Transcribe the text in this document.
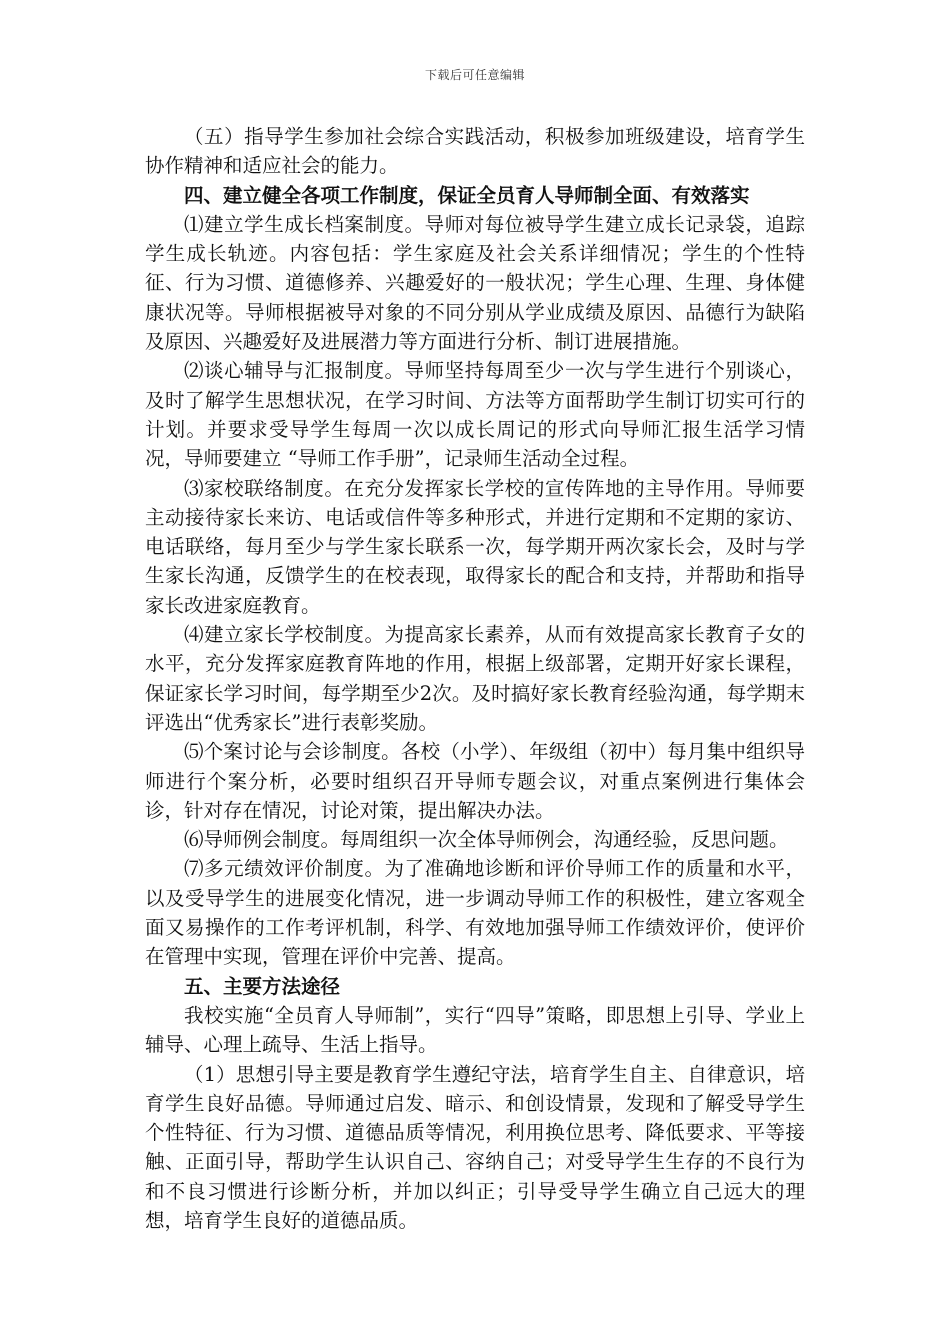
下载后可任意编辑

（五）指导学生参加社会综合实践活动，积极参加班级建设，培育学生协作精神和适应社会的能力。

四、建立健全各项工作制度，保证全员育人导师制全面、有效落实

⑴建立学生成长档案制度。导师对每位被导学生建立成长记录袋，追踪学生成长轨迹。内容包括：学生家庭及社会关系详细情况；学生的个性特征、行为习惯、道德修养、兴趣爱好的一般状况；学生心理、生理、身体健康状况等。导师根据被导对象的不同分别从学业成绩及原因、品德行为缺陷及原因、兴趣爱好及进展潜力等方面进行分析、制订进展措施。

⑵谈心辅导与汇报制度。导师坚持每周至少一次与学生进行个别谈心，及时了解学生思想状况，在学习时间、方法等方面帮助学生制订切实可行的计划。并要求受导学生每周一次以成长周记的形式向导师汇报生活学习情况，导师要建立 “导师工作手册”，记录师生活动全过程。

⑶家校联络制度。在充分发挥家长学校的宣传阵地的主导作用。导师要主动接待家长来访、电话或信件等多种形式，并进行定期和不定期的家访、电话联络，每月至少与学生家长联系一次，每学期开两次家长会，及时与学生家长沟通，反馈学生的在校表现，取得家长的配合和支持，并帮助和指导家长改进家庭教育。

⑷建立家长学校制度。为提高家长素养，从而有效提高家长教育子女的水平，充分发挥家庭教育阵地的作用，根据上级部署，定期开好家长课程，保证家长学习时间，每学期至少2次。及时搞好家长教育经验沟通，每学期末评选出“优秀家长”进行表彰奖励。

⑸个案讨论与会诊制度。各校（小学）、年级组（初中）每月集中组织导师进行个案分析，必要时组织召开导师专题会议，对重点案例进行集体会诊，针对存在情况，讨论对策，提出解决办法。

⑹导师例会制度。每周组织一次全体导师例会，沟通经验，反思问题。

⑺多元绩效评价制度。为了准确地诊断和评价导师工作的质量和水平，以及受导学生的进展变化情况，进一步调动导师工作的积极性，建立客观全面又易操作的工作考评机制，科学、有效地加强导师工作绩效评价，使评价在管理中实现，管理在评价中完善、提高。

五、主要方法途径

我校实施“全员育人导师制”，实行“四导”策略，即思想上引导、学业上辅导、心理上疏导、生活上指导。

（1）思想引导主要是教育学生遵纪守法，培育学生自主、自律意识，培育学生良好品德。导师通过启发、暗示、和创设情景，发现和了解受导学生个性特征、行为习惯、道德品质等情况，利用换位思考、降低要求、平等接触、正面引导，帮助学生认识自己、容纳自己；对受导学生生存的不良行为和不良习惯进行诊断分析，并加以纠正；引导受导学生确立自己远大的理想，培育学生良好的道德品质。
